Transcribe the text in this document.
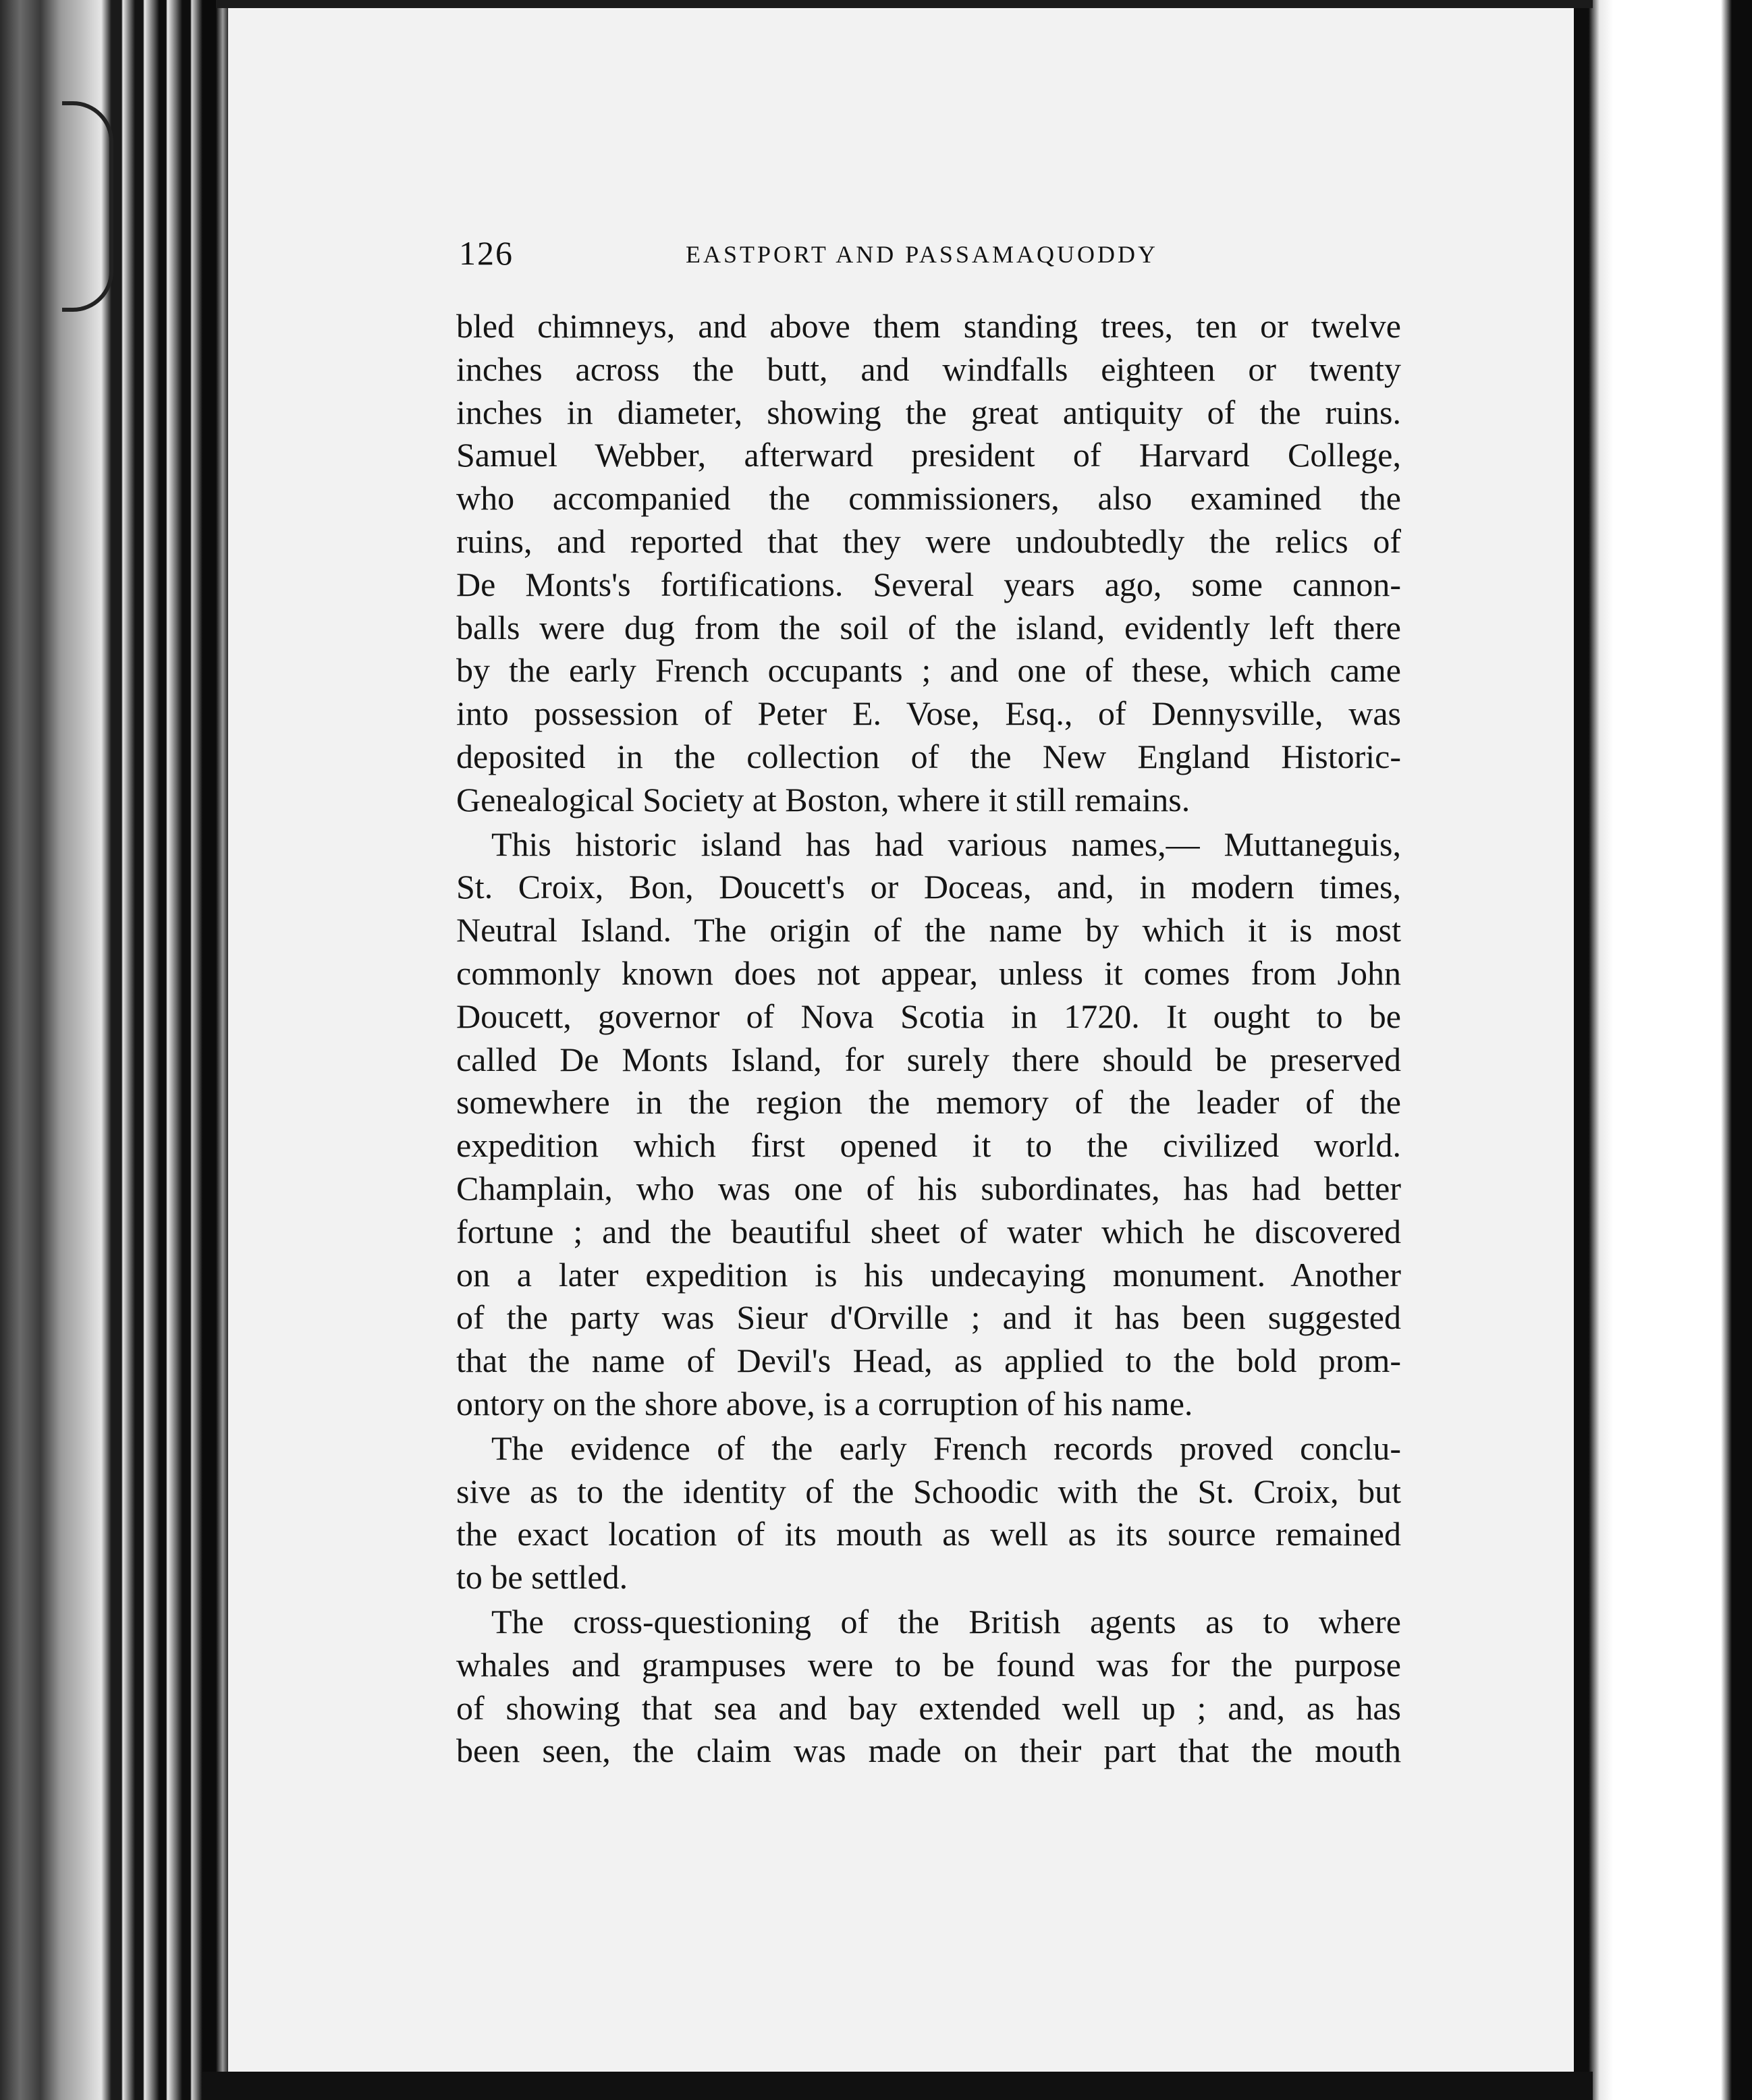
126	EASTPORT AND PASSAMAQUODDY
bled chimneys, and above them standing trees, ten or twelve
inches across the butt, and windfalls eighteen or twenty
inches in diameter, showing the great antiquity of the ruins.
Samuel Webber, afterward president of Harvard College,
who accompanied the commissioners, also examined the
ruins, and reported that they were undoubtedly the relics of
De Monts's fortifications. Several years ago, some cannon-
balls were dug from the soil of the island, evidently left there
by the early French occupants ; and one of these, which came
into possession of Peter E. Vose, Esq., of Dennysville, was
deposited in the collection of the New England Historic-
Genealogical Society at Boston, where it still remains.
This historic island has had various names,— Muttaneguis,
St. Croix, Bon, Doucett's or Doceas, and, in modern times,
Neutral Island. The origin of the name by which it is most
commonly known does not appear, unless it comes from John
Doucett, governor of Nova Scotia in 1720. It ought to be
called De Monts Island, for surely there should be preserved
somewhere in the region the memory of the leader of the
expedition which first opened it to the civilized world.
Champlain, who was one of his subordinates, has had better
fortune ; and the beautiful sheet of water which he discovered
on a later expedition is his undecaying monument. Another
of the party was Sieur d'Orville ; and it has been suggested
that the name of Devil's Head, as applied to the bold prom-
ontory on the shore above, is a corruption of his name.
The evidence of the early French records proved conclu-
sive as to the identity of the Schoodic with the St. Croix, but
the exact location of its mouth as well as its source remained
to be settled.
The cross-questioning of the British agents as to where
whales and grampuses were to be found was for the purpose
of showing that sea and bay extended well up ; and, as has
been seen, the claim was made on their part that the mouth
